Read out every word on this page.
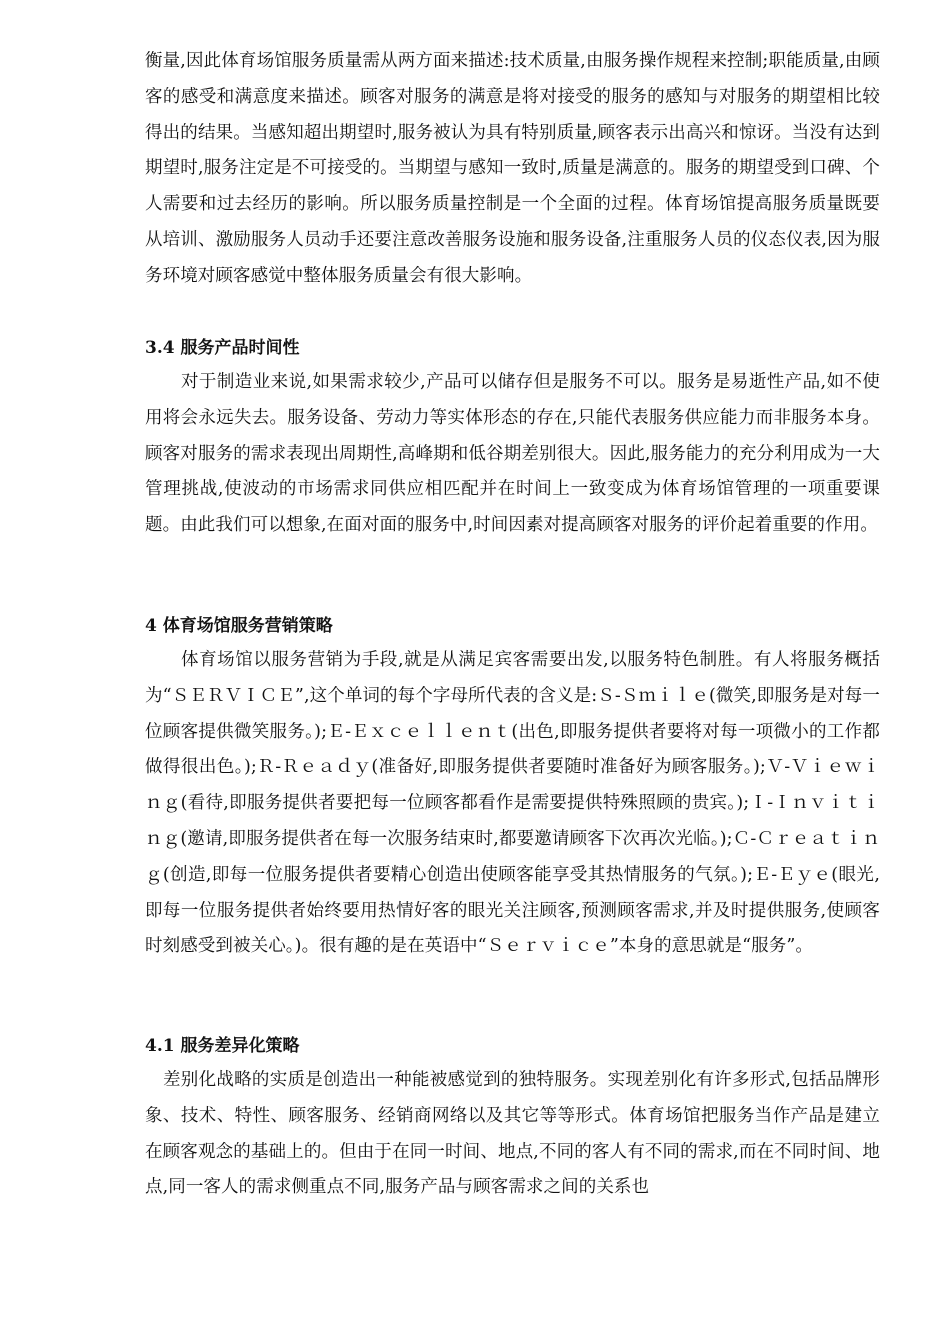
衡量,因此体育场馆服务质量需从两方面来描述:技术质量,由服务操作规程来控制;职能质量,由顾客的感受和满意度来描述。顾客对服务的满意是将对接受的服务的感知与对服务的期望相比较得出的结果。当感知超出期望时,服务被认为具有特别质量,顾客表示出高兴和惊讶。当没有达到期望时,服务注定是不可接受的。当期望与感知一致时,质量是满意的。服务的期望受到口碑、个人需要和过去经历的影响。所以服务质量控制是一个全面的过程。体育场馆提高服务质量既要从培训、激励服务人员动手还要注意改善服务设施和服务设备,注重服务人员的仪态仪表,因为服务环境对顾客感觉中整体服务质量会有很大影响。

3.4 服务产品时间性

对于制造业来说,如果需求较少,产品可以储存但是服务不可以。服务是易逝性产品,如不使用将会永远失去。服务设备、劳动力等实体形态的存在,只能代表服务供应能力而非服务本身。顾客对服务的需求表现出周期性,高峰期和低谷期差别很大。因此,服务能力的充分利用成为一大管理挑战,使波动的市场需求同供应相匹配并在时间上一致变成为体育场馆管理的一项重要课题。由此我们可以想象,在面对面的服务中,时间因素对提高顾客对服务的评价起着重要的作用。

4 体育场馆服务营销策略

体育场馆以服务营销为手段,就是从满足宾客需要出发,以服务特色制胜。有人将服务概括为“ＳＥＲＶＩＣＥ”,这个单词的每个字母所代表的含义是:Ｓ-Ｓｍｉｌｅ(微笑,即服务是对每一位顾客提供微笑服务。);Ｅ-Ｅｘｃｅｌｌｅｎｔ(出色,即服务提供者要将对每一项微小的工作都做得很出色。);Ｒ-Ｒｅａｄｙ(准备好,即服务提供者要随时准备好为顾客服务。);Ｖ-Ｖｉｅｗｉｎｇ(看待,即服务提供者要把每一位顾客都看作是需要提供特殊照顾的贵宾。);Ｉ-Ｉｎｖｉｔｉｎｇ(邀请,即服务提供者在每一次服务结束时,都要邀请顾客下次再次光临。);Ｃ-Ｃｒｅａｔｉｎｇ(创造,即每一位服务提供者要精心创造出使顾客能享受其热情服务的气氛。);Ｅ-Ｅｙｅ(眼光,即每一位服务提供者始终要用热情好客的眼光关注顾客,预测顾客需求,并及时提供服务,使顾客时刻感受到被关心。)。很有趣的是在英语中“Ｓｅｒｖｉｃｅ”本身的意思就是“服务”。

4.1 服务差异化策略

差别化战略的实质是创造出一种能被感觉到的独特服务。实现差别化有许多形式,包括品牌形象、技术、特性、顾客服务、经销商网络以及其它等等形式。体育场馆把服务当作产品是建立在顾客观念的基础上的。但由于在同一时间、地点,不同的客人有不同的需求,而在不同时间、地点,同一客人的需求侧重点不同,服务产品与顾客需求之间的关系也
